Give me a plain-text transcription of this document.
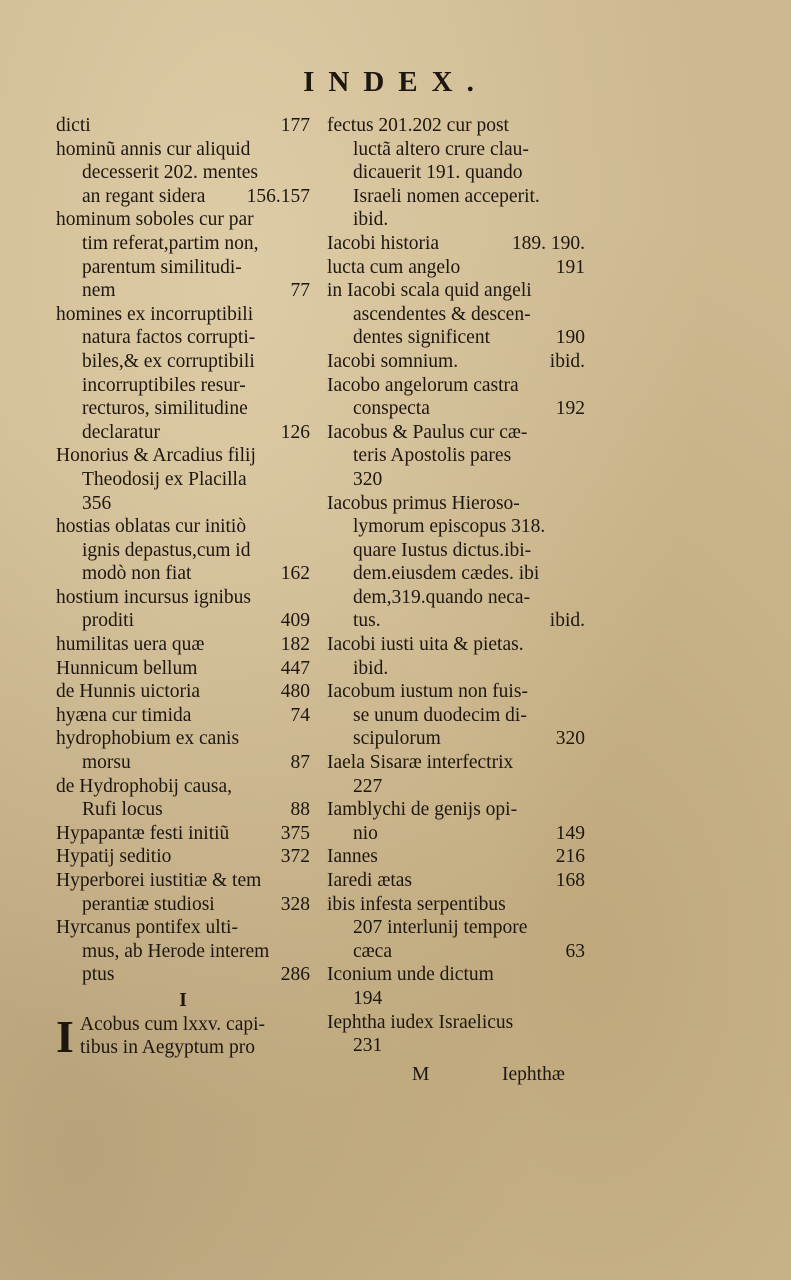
INDEX.
177
dicti
hominũ annis cur aliquid
decesserit 202. mentes
156.157
an regant sidera
hominum soboles cur par
tim referat,partim non,
parentum similitudi-
77
nem
homines ex incorruptibili
natura factos corrupti-
biles,& ex corruptibili
incorruptibiles resur-
recturos, similitudine
126
declaratur
Honorius & Arcadius filij
Theodosij ex Placilla
356
hostias oblatas cur initiò
ignis depastus,cum id
162
modò non fiat
hostium incursus ignibus
409
proditi
182
humilitas uera quæ
447
Hunnicum bellum
480
de Hunnis uictoria
74
hyæna cur timida
hydrophobium ex canis
87
morsu
de Hydrophobij causa,
88
Rufi locus
375
Hypapantæ festi initiũ
372
Hypatij seditio
Hyperborei iustitiæ & tem
328
perantiæ studiosi
Hyrcanus pontifex ulti-
mus, ab Herode interem
286
ptus
I
I Acobus cum lxxv. capi-
tibus in Aegyptum pro
fectus 201.202 cur post
luctã altero crure clau-
dicauerit 191. quando
Israeli nomen acceperit.
ibid.
189. 190.
Iacobi historia
191
lucta cum angelo
in Iacobi scala quid angeli
ascendentes & descen-
190
dentes significent
ibid.
Iacobi somnium.
Iacobo angelorum castra
192
conspecta
Iacobus & Paulus cur cæ-
teris Apostolis pares
320
Iacobus primus Hieroso-
lymorum episcopus 318.
quare Iustus dictus.ibi-
dem.eiusdem cædes. ibi
dem,319.quando neca-
ibid.
tus.
Iacobi iusti uita & pietas.
ibid.
Iacobum iustum non fuis-
se unum duodecim di-
320
scipulorum
Iaela Sisaræ interfectrix
227
Iamblychi de genijs opi-
149
nio
216
Iannes
168
Iaredi ætas
ibis infesta serpentibus
207 interlunij tempore
63
cæca
Iconium unde dictum
194
Iephtha iudex Israelicus
231
M	Iephthæ
